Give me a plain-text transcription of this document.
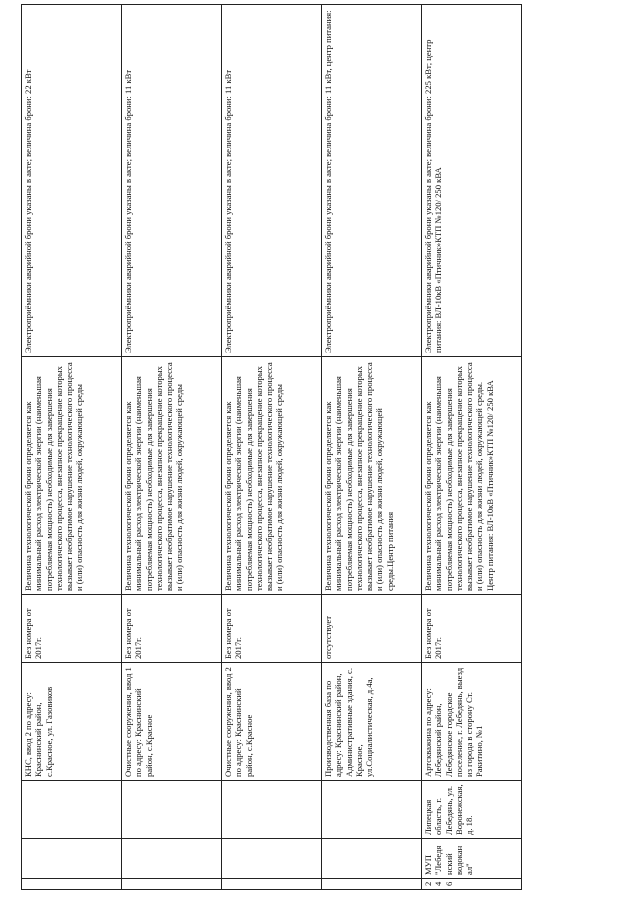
			КНС, ввод 2 по адресу: Краснинский район, с.Красное, ул. Газовиков	Без номера от 2017г.	Величина технологической брони определяется как минимальный расход электрической энергии (наименьшая потребляемая мощность) необходимые для завершения технологического процесса, внезапное прекращение которых вызывает необратимое нарушение технологического процесса и (или) опасность для жизни людей, окружающей среды	Электроприёмники аварийной брони указаны в акте; величина брони: 22 кВт
			Очистные сооружения, ввод 1 по адресу: Краснинский район, с.Красное	Без номера от 2017г.	Величина технологической брони определяется как минимальный расход электрической энергии (наименьшая потребляемая мощность) необходимые для завершения технологического процесса, внезапное прекращение которых вызывает необратимое нарушение технологического процесса и (или) опасность для жизни людей, окружающей среды	Электроприёмники аварийной брони указаны в акте; величина брони: 11 кВт
			Очистные сооружения, ввод 2 по адресу: Краснинский район, с.Красное	Без номера от 2017г.	Величина технологической брони определяется как минимальный расход электрической энергии (наименьшая потребляемая мощность) необходимые для завершения технологического процесса, внезапное прекращение которых вызывает необратимое нарушение технологического процесса и (или) опасность для жизни людей, окружающей среды	Электроприёмники аварийной брони указаны в акте; величина брони: 11 кВт
			Производственная база по адресу: Краснинский район, Административные здания, с. Красное, ул.Социалистическая, д.4а,	отсутствует	Величина технологической брони определяется как минимальный расход электрической энергии (наименьшая потребляемая мощность) необходимые для завершения технологического процесса, внезапное прекращение которых вызывает необратимое нарушение технологического процесса и (или) опасность для жизни людей, окружающей среды.Центр питания	Электроприёмники аварийной брони указаны в акте; величина брони: 11 кВт, центр питания:
246	МУП "Лебедянский водоканал"	Липецкая область, г. Лебедянь, ул. Воронежская, д. 18.	Артскважина по адресу: Лебедянский район, Лебедянское городское поселение, г. Лебедянь, выезд из города в сторону Ст. Ракитино, №1	Без номера от 2017г.	Величина технологической брони определяется как минимальный расход электрической энергии (наименьшая потребляемая мощность) необходимые для завершения технологического процесса, внезапное прекращение которых вызывает необратимое нарушение технологического процесса и (или) опасность для жизни людей, окружающей среды. Центр питания: ВЛ-10кВ «Птичник»КТП №120/ 250 кВА	Электроприёмники аварийной брони указаны в акте; величина брони: 225 кВт; центр питания: ВЛ-10кВ «Птичник»КТП №120/ 250 кВА
